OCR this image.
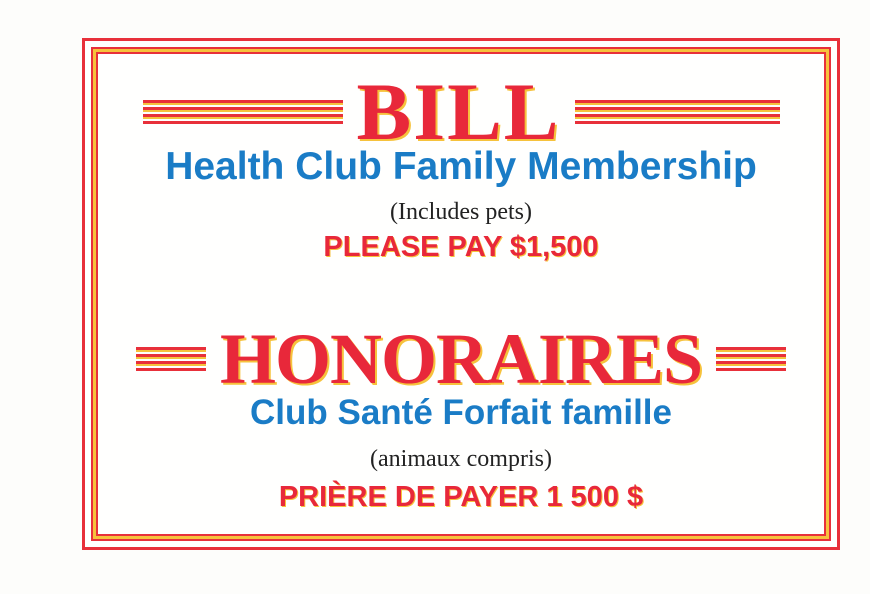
BILL
Health Club Family Membership
(Includes pets)
PLEASE PAY $1,500
HONORAIRES
Club Santé Forfait famille
(animaux compris)
PRIÈRE DE PAYER 1 500 $
